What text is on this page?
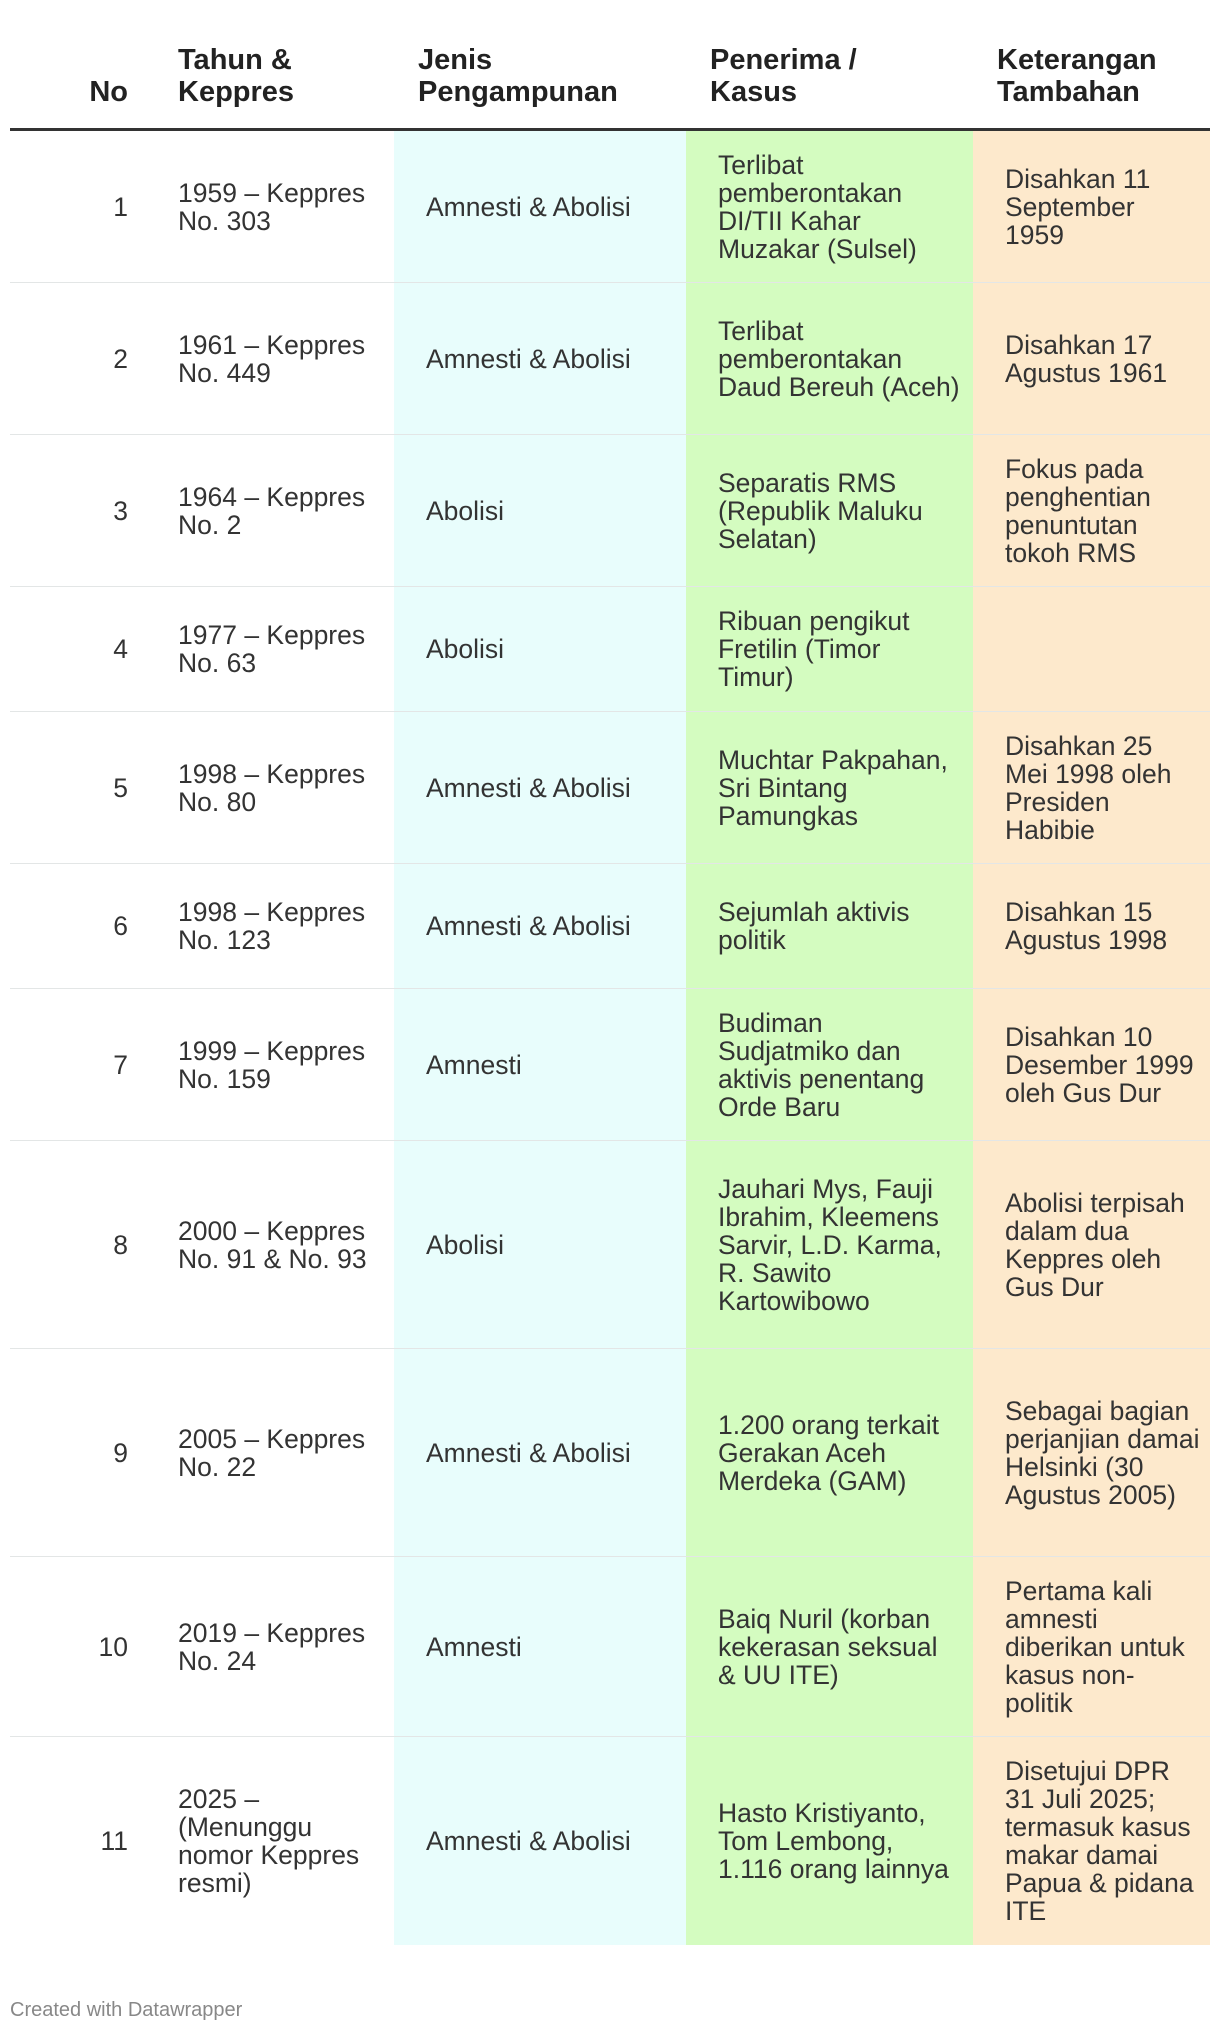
No	Tahun & Keppres	Jenis Pengampunan	Penerima / Kasus	Keterangan Tambahan
1	1959 – Keppres No. 303	Amnesti & Abolisi	Terlibat pemberontakan DI/TII Kahar Muzakar (Sulsel)	Disahkan 11 September 1959
2	1961 – Keppres No. 449	Amnesti & Abolisi	Terlibat pemberontakan Daud Bereuh (Aceh)	Disahkan 17 Agustus 1961
3	1964 – Keppres No. 2	Abolisi	Separatis RMS (Republik Maluku Selatan)	Fokus pada penghentian penuntutan tokoh RMS
4	1977 – Keppres No. 63	Abolisi	Ribuan pengikut Fretilin (Timor Timur)	
5	1998 – Keppres No. 80	Amnesti & Abolisi	Muchtar Pakpahan, Sri Bintang Pamungkas	Disahkan 25 Mei 1998 oleh Presiden Habibie
6	1998 – Keppres No. 123	Amnesti & Abolisi	Sejumlah aktivis politik	Disahkan 15 Agustus 1998
7	1999 – Keppres No. 159	Amnesti	Budiman Sudjatmiko dan aktivis penentang Orde Baru	Disahkan 10 Desember 1999 oleh Gus Dur
8	2000 – Keppres No. 91 & No. 93	Abolisi	Jauhari Mys, Fauji Ibrahim, Kleemens Sarvir, L.D. Karma, R. Sawito Kartowibowo	Abolisi terpisah dalam dua Keppres oleh Gus Dur
9	2005 – Keppres No. 22	Amnesti & Abolisi	1.200 orang terkait Gerakan Aceh Merdeka (GAM)	Sebagai bagian perjanjian damai Helsinki (30 Agustus 2005)
10	2019 – Keppres No. 24	Amnesti	Baiq Nuril (korban kekerasan seksual & UU ITE)	Pertama kali amnesti diberikan untuk kasus non-politik
11	2025 – (Menunggu nomor Keppres resmi)	Amnesti & Abolisi	Hasto Kristiyanto, Tom Lembong, 1.116 orang lainnya	Disetujui DPR 31 Juli 2025; termasuk kasus makar damai Papua & pidana ITE
Created with Datawrapper
